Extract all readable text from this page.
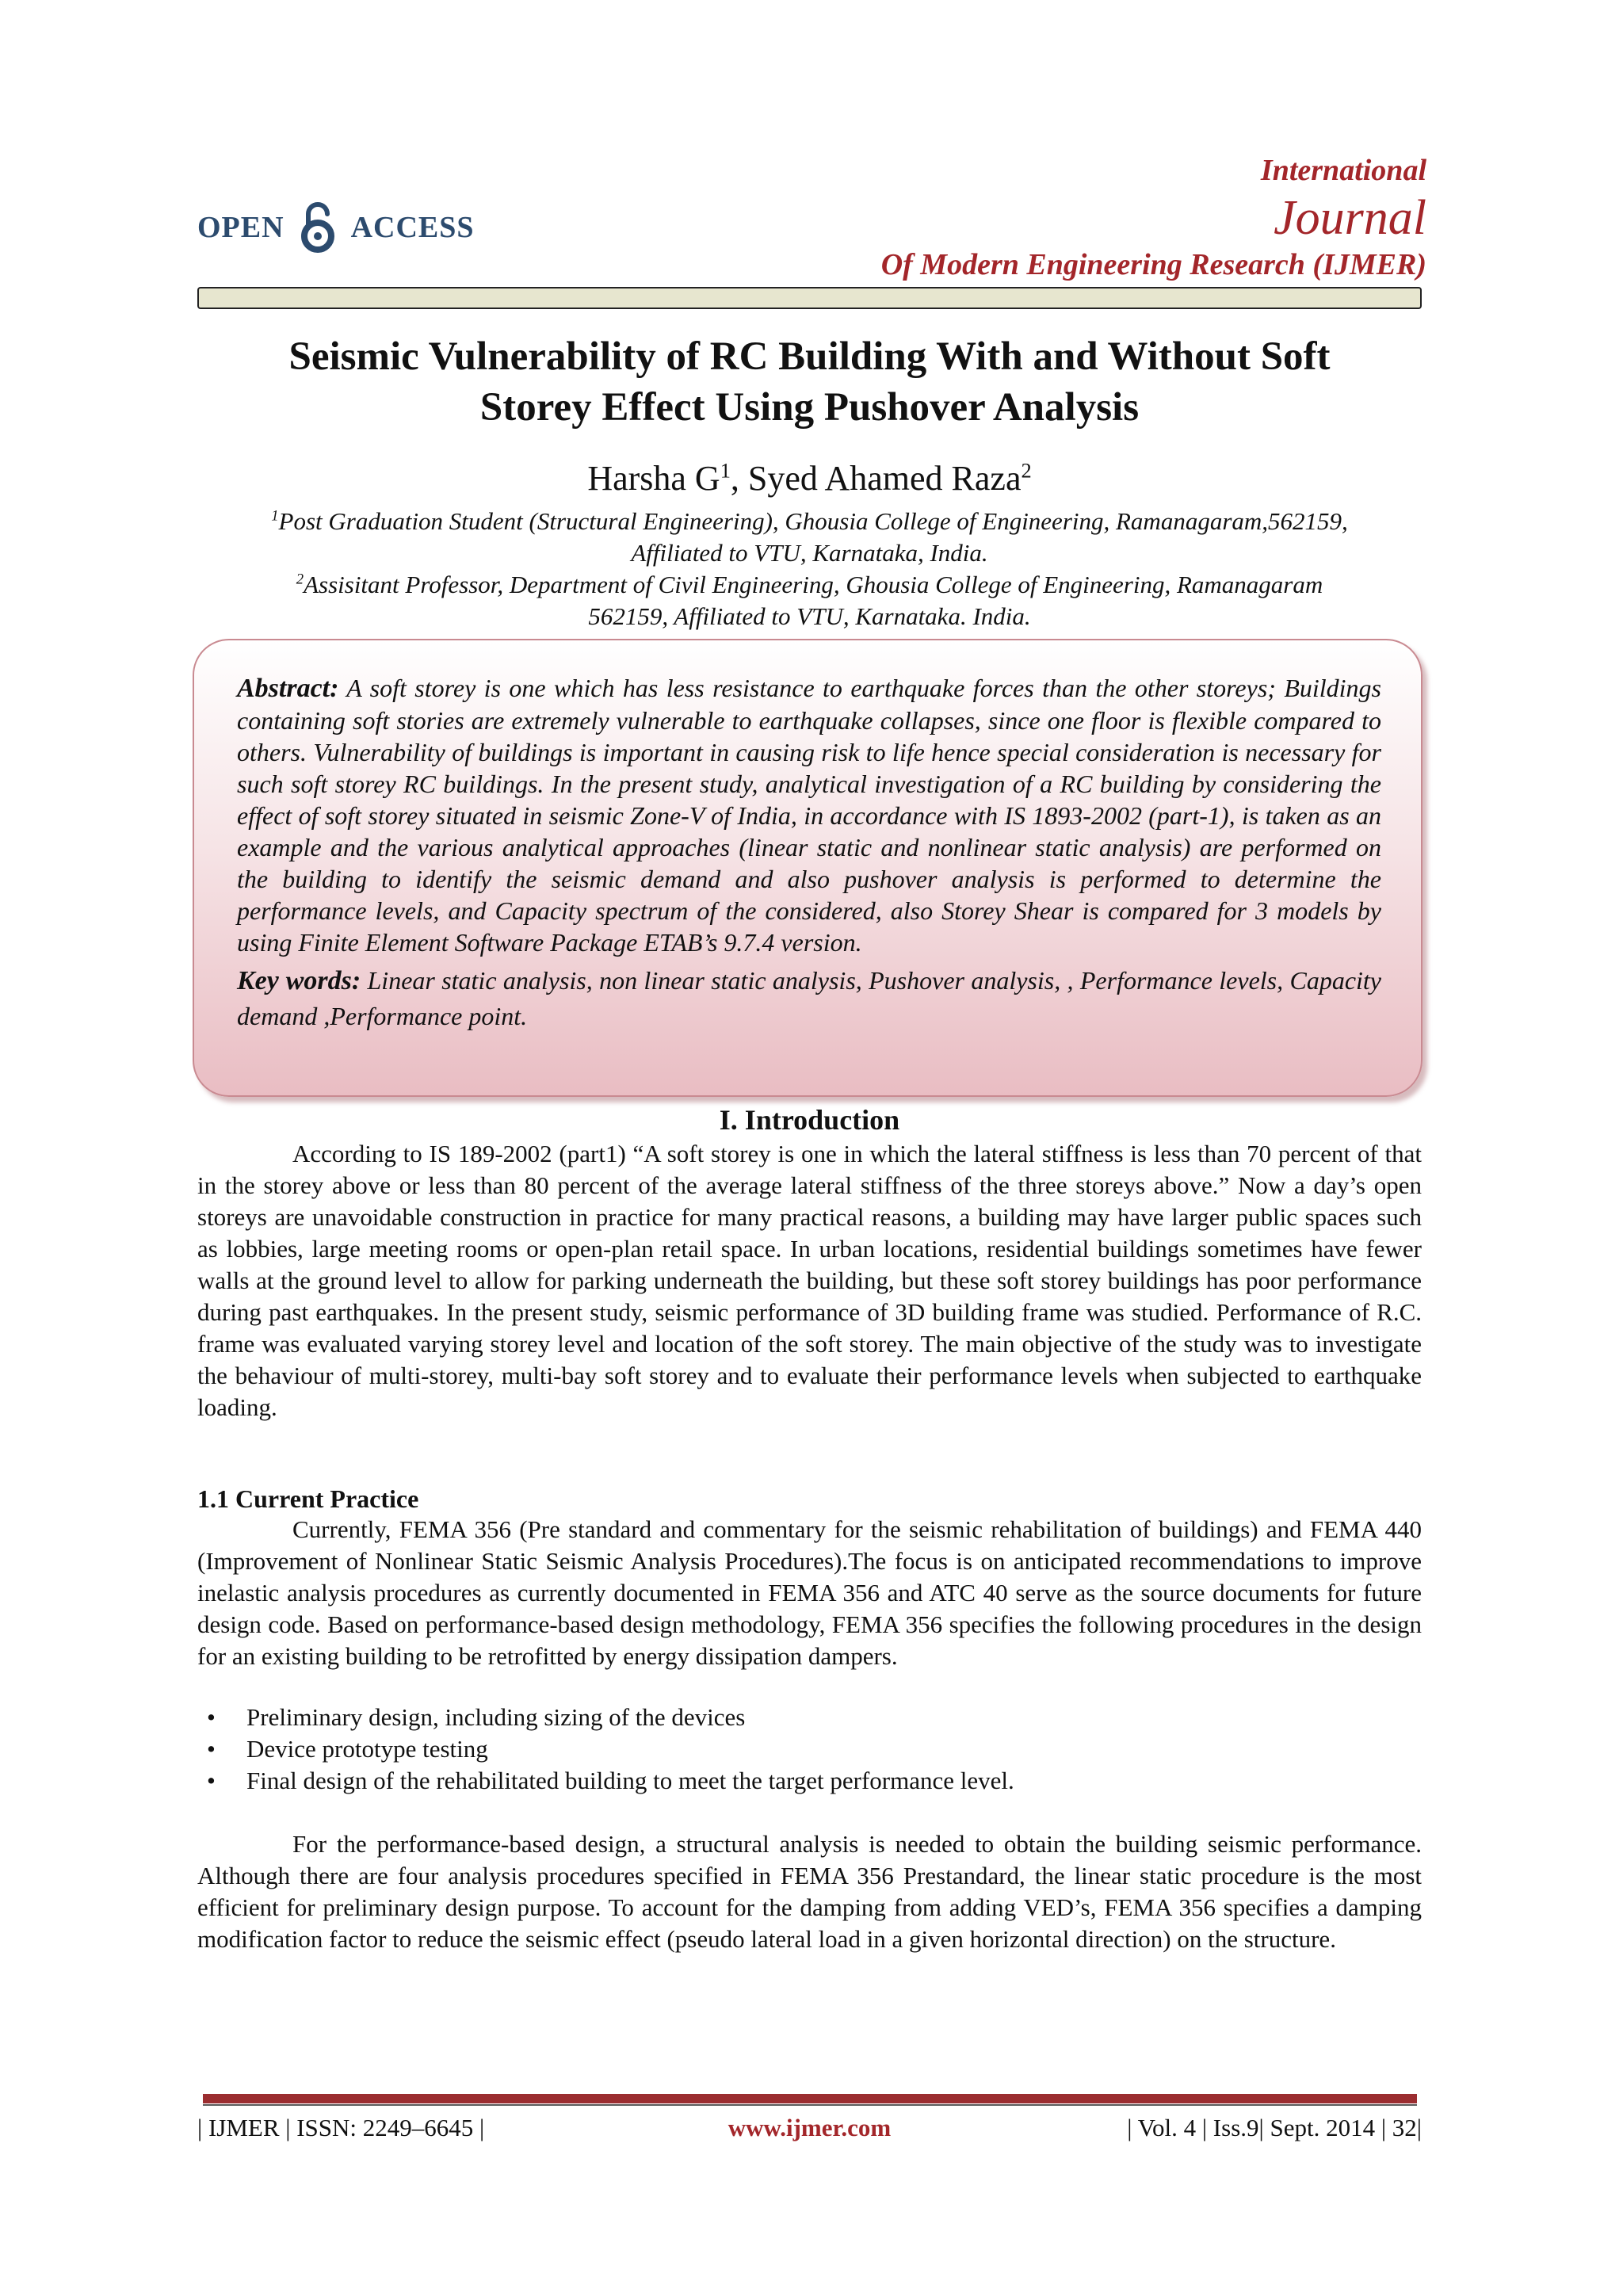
OPEN ACCESS
International
Journal
Of Modern Engineering Research (IJMER)
Seismic Vulnerability of RC Building With and Without Soft
Storey Effect Using Pushover Analysis
Harsha $G^1$, Syed Ahamed Raza$^2$
$^1$Post Graduation Student (Structural Engineering), Ghousia College of Engineering, Ramanagaram,562159,
Affiliated to VTU, Karnataka, India.
$^2$Assisitant Professor, Department of Civil Engineering, Ghousia College of Engineering, Ramanagaram
562159, Affiliated to VTU, Karnataka. India.
Abstract: A soft storey is one which has less resistance to earthquake forces than the other storeys; Buildings containing soft stories are extremely vulnerable to earthquake collapses, since one floor is flexible compared to others. Vulnerability of buildings is important in causing risk to life hence special consideration is necessary for such soft storey RC buildings. In the present study, analytical investigation of a RC building by considering the effect of soft storey situated in seismic Zone-V of India, in accordance with IS 1893-2002 (part-1), is taken as an example and the various analytical approaches (linear static and nonlinear static analysis) are performed on the building to identify the seismic demand and also pushover analysis is performed to determine the performance levels, and Capacity spectrum of the considered, also Storey Shear is compared for 3 models by using Finite Element Software Package ETAB’s 9.7.4 version.
Key words: Linear static analysis, non linear static analysis, Pushover analysis, , Performance levels, Capacity demand ,Performance point.
I. Introduction
According to IS 189-2002 (part1) “A soft storey is one in which the lateral stiffness is less than 70 percent of that in the storey above or less than 80 percent of the average lateral stiffness of the three storeys above.” Now a day’s open storeys are unavoidable construction in practice for many practical reasons, a building may have larger public spaces such as lobbies, large meeting rooms or open-plan retail space. In urban locations, residential buildings sometimes have fewer walls at the ground level to allow for parking underneath the building, but these soft storey buildings has poor performance during past earthquakes. In the present study, seismic performance of 3D building frame was studied. Performance of R.C. frame was evaluated varying storey level and location of the soft storey. The main objective of the study was to investigate the behaviour of multi-storey, multi-bay soft storey and to evaluate their performance levels when subjected to earthquake loading.
1.1 Current Practice
Currently, FEMA 356 (Pre standard and commentary for the seismic rehabilitation of buildings) and FEMA 440 (Improvement of Nonlinear Static Seismic Analysis Procedures).The focus is on anticipated recommendations to improve inelastic analysis procedures as currently documented in FEMA 356 and ATC 40 serve as the source documents for future design code. Based on performance-based design methodology, FEMA 356 specifies the following procedures in the design for an existing building to be retrofitted by energy dissipation dampers.
• Preliminary design, including sizing of the devices
• Device prototype testing
• Final design of the rehabilitated building to meet the target performance level.
For the performance-based design, a structural analysis is needed to obtain the building seismic performance. Although there are four analysis procedures specified in FEMA 356 Prestandard, the linear static procedure is the most efficient for preliminary design purpose. To account for the damping from adding VED’s, FEMA 356 specifies a damping modification factor to reduce the seismic effect (pseudo lateral load in a given horizontal direction) on the structure.
| IJMER | ISSN: 2249–6645 |	www.ijmer.com	| Vol. 4 | Iss.9| Sept. 2014 | 32|
